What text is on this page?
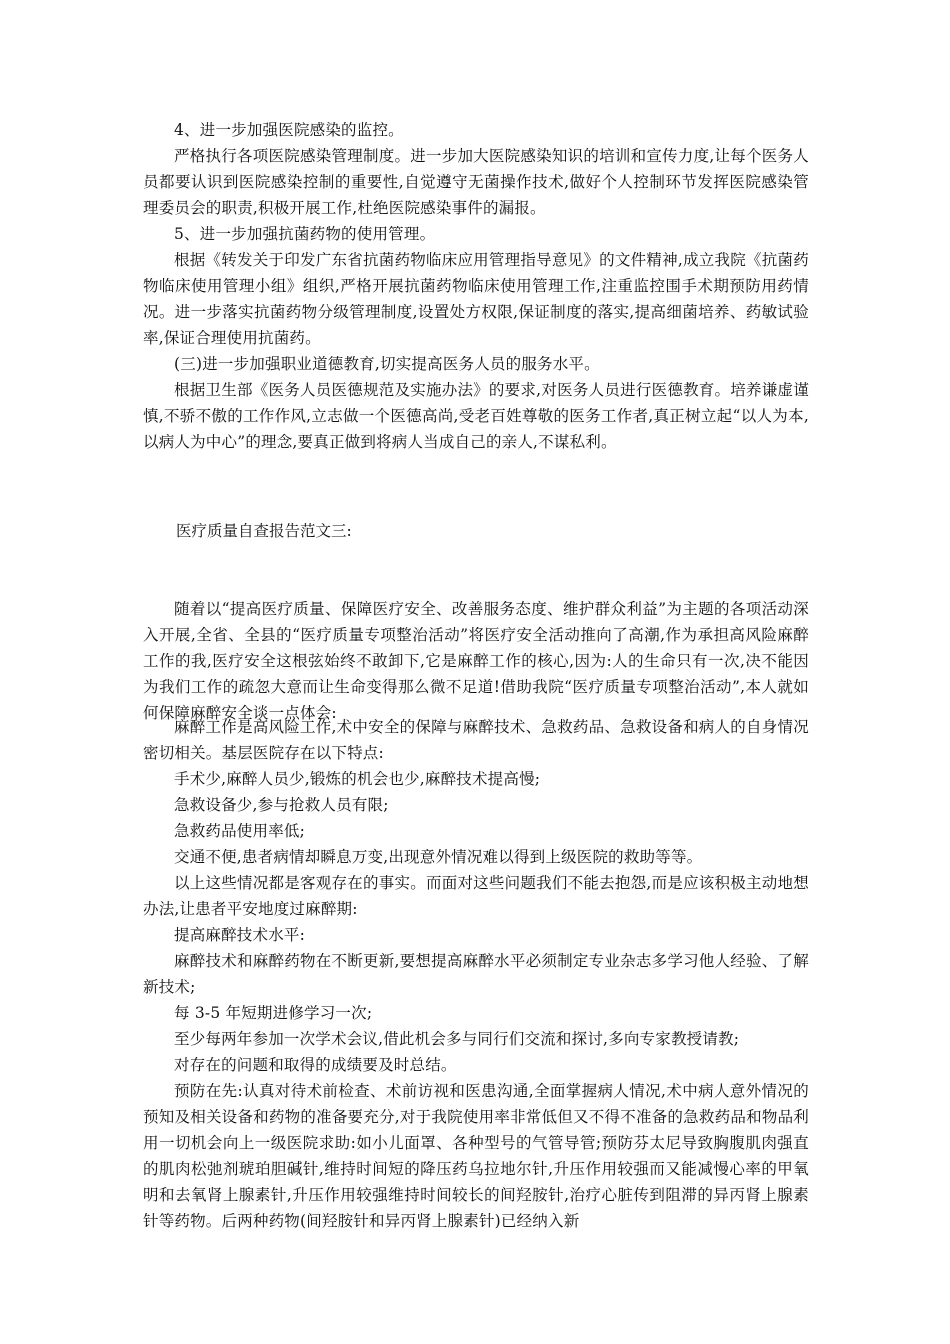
4、进一步加强医院感染的监控。

严格执行各项医院感染管理制度。进一步加大医院感染知识的培训和宣传力度,让每个医务人员都要认识到医院感染控制的重要性,自觉遵守无菌操作技术,做好个人控制环节发挥医院感染管理委员会的职责,积极开展工作,杜绝医院感染事件的漏报。

5、进一步加强抗菌药物的使用管理。

根据《转发关于印发广东省抗菌药物临床应用管理指导意见》的文件精神,成立我院《抗菌药物临床使用管理小组》组织,严格开展抗菌药物临床使用管理工作,注重监控围手术期预防用药情况。进一步落实抗菌药物分级管理制度,设置处方权限,保证制度的落实,提高细菌培养、药敏试验率,保证合理使用抗菌药。

(三)进一步加强职业道德教育,切实提高医务人员的服务水平。

根据卫生部《医务人员医德规范及实施办法》的要求,对医务人员进行医德教育。培养谦虚谨慎,不骄不傲的工作作风,立志做一个医德高尚,受老百姓尊敬的医务工作者,真正树立起“以人为本,以病人为中心”的理念,要真正做到将病人当成自己的亲人,不谋私利。

医疗质量自查报告范文三:

随着以“提高医疗质量、保障医疗安全、改善服务态度、维护群众利益”为主题的各项活动深入开展,全省、全县的“医疗质量专项整治活动”将医疗安全活动推向了高潮,作为承担高风险麻醉工作的我,医疗安全这根弦始终不敢卸下,它是麻醉工作的核心,因为:人的生命只有一次,决不能因为我们工作的疏忽大意而让生命变得那么微不足道!借助我院“医疗质量专项整治活动”,本人就如何保障麻醉安全谈一点体会:

麻醉工作是高风险工作,术中安全的保障与麻醉技术、急救药品、急救设备和病人的自身情况密切相关。基层医院存在以下特点:

手术少,麻醉人员少,锻炼的机会也少,麻醉技术提高慢;

急救设备少,参与抢救人员有限;

急救药品使用率低;

交通不便,患者病情却瞬息万变,出现意外情况难以得到上级医院的救助等等。

以上这些情况都是客观存在的事实。而面对这些问题我们不能去抱怨,而是应该积极主动地想办法,让患者平安地度过麻醉期:

提高麻醉技术水平:

麻醉技术和麻醉药物在不断更新,要想提高麻醉水平必须制定专业杂志多学习他人经验、了解新技术;

每 3-5 年短期进修学习一次;

至少每两年参加一次学术会议,借此机会多与同行们交流和探讨,多向专家教授请教;

对存在的问题和取得的成绩要及时总结。

预防在先:认真对待术前检查、术前访视和医患沟通,全面掌握病人情况,术中病人意外情况的预知及相关设备和药物的准备要充分,对于我院使用率非常低但又不得不准备的急救药品和物品利用一切机会向上一级医院求助:如小儿面罩、各种型号的气管导管;预防芬太尼导致胸腹肌肉强直的肌肉松弛剂琥珀胆碱针,维持时间短的降压药乌拉地尔针,升压作用较强而又能减慢心率的甲氧明和去氧肾上腺素针,升压作用较强维持时间较长的间羟胺针,治疗心脏传到阻滞的异丙肾上腺素针等药物。后两种药物(间羟胺针和异丙肾上腺素针)已经纳入新
